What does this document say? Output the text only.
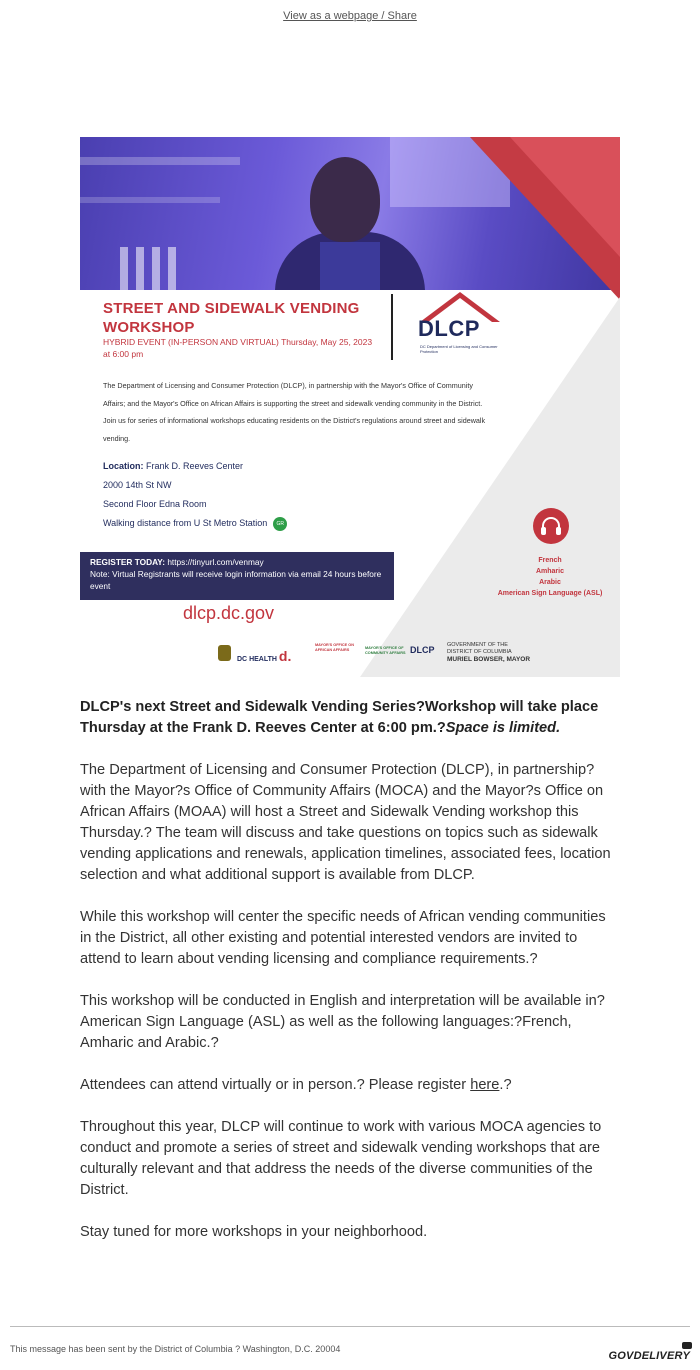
View as a webpage / Share
STREET AND SIDEWALK VENDING
WORKSHOP
HYBRID EVENT (IN-PERSON AND VIRTUAL) Thursday, May 25, 2023 at 6:00 pm
DLCP
DC Department of Licensing and Consumer Protection
The Department of Licensing and Consumer Protection (DLCP), in partnership with the Mayor's Office of Community Affairs; and the Mayor's Office on African Affairs is supporting the street and sidewalk vending community in the District. Join us for series of informational workshops educating residents on the District's regulations around street and sidewalk vending.
Location: Frank D. Reeves Center
2000 14th St NW
Second Floor Edna Room
Walking distance from U St Metro Station GR
REGISTER TODAY: https://tinyurl.com/venmay
Note: Virtual Registrants will receive login information via email 24 hours before event
dlcp.dc.gov
French
Amharic
Arabic
American Sign Language (ASL)
DC HEALTH d.
MAYOR'S OFFICE ON AFRICAN AFFAIRS	MAYOR'S OFFICE OF COMMUNITY AFFAIRS DLCP GOVERNMENT OF THE
DISTRICT OF COLUMBIA
MURIEL BOWSER, MAYOR
DLCP's next Street and Sidewalk Vending Series?Workshop will take place Thursday at the Frank D. Reeves Center at 6:00 pm.?Space is limited.

The Department of Licensing and Consumer Protection (DLCP), in partnership? with the Mayor?s Office of Community Affairs (MOCA) and the Mayor?s Office on African Affairs (MOAA) will host a Street and Sidewalk Vending workshop this Thursday.? The team will discuss and take questions on topics such as sidewalk vending applications and renewals, application timelines, associated fees, location selection and what additional support is available from DLCP.

While this workshop will center the specific needs of African vending communities in the District, all other existing and potential interested vendors are invited to attend to learn about vending licensing and compliance requirements.?

This workshop will be conducted in English and interpretation will be available in? American Sign Language (ASL) as well as the following languages:?French, Amharic and Arabic.?

Attendees can attend virtually or in person.? Please register here.?

Throughout this year, DLCP will continue to work with various MOCA agencies to conduct and promote a series of street and sidewalk vending workshops that are culturally relevant and that address the needs of the diverse communities of the District.

Stay tuned for more workshops in your neighborhood.

This message has been sent by the District of Columbia ? Washington, D.C. 20004
GOVDELIVERY
